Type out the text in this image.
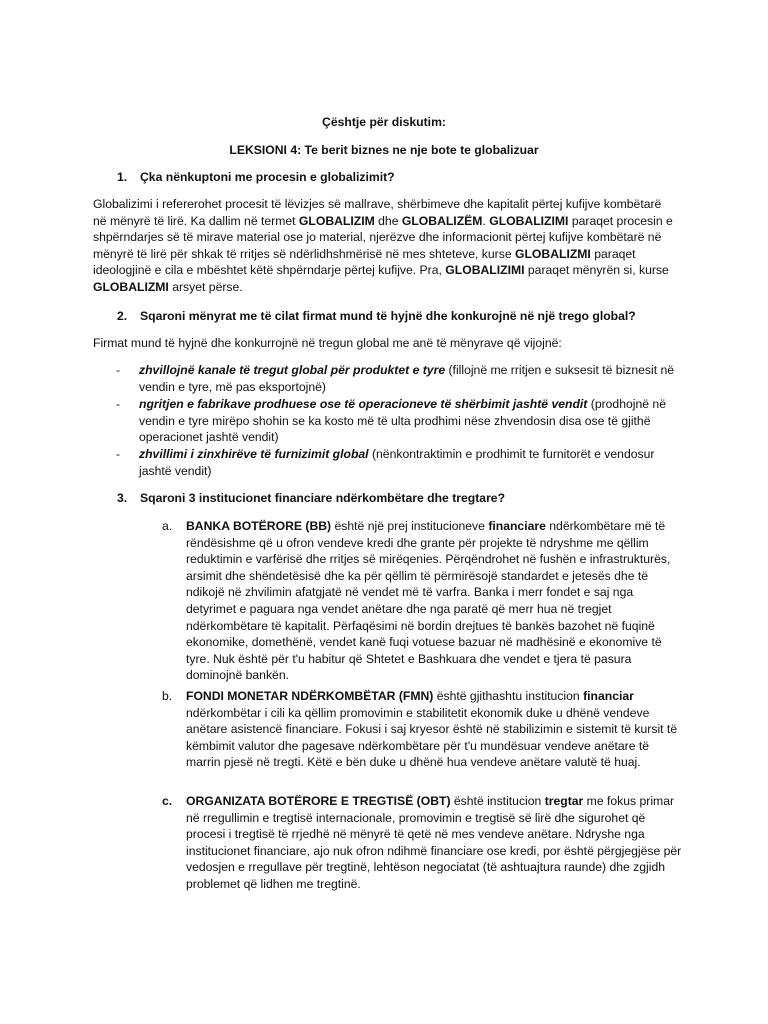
Çështje për diskutim:

LEKSIONI 4: Te berit biznes ne nje bote te globalizuar

1. Çka nënkuptoni me procesin e globalizimit?

Globalizimi i refererohet procesit të lëvizjes së mallrave, shërbimeve dhe kapitalit përtej kufijve kombëtarë në mënyrë të lirë. Ka dallim në termet GLOBALIZIM dhe GLOBALIZËM. GLOBALIZIMI paraqet procesin e shpërndarjes së të mirave material ose jo material, njerëzve dhe informacionit përtej kufijve kombëtarë në mënyrë të lirë për shkak të rritjes së ndërlidhshmërisë në mes shteteve, kurse GLOBALIZMI paraqet ideologjinë e cila e mbështet këtë shpërndarje përtej kufijve. Pra, GLOBALIZIMI paraqet mënyrën si, kurse GLOBALIZMI arsyet përse.

2. Sqaroni mënyrat me të cilat firmat mund të hyjnë dhe konkurojnë në një trego global?

Firmat mund të hyjnë dhe konkurrojnë në tregun global me anë të mënyrave që vijojnë:

- zhvillojnë kanale të tregut global për produktet e tyre (fillojnë me rritjen e suksesit të biznesit në vendin e tyre, më pas eksportojnë)
- ngritjen e fabrikave prodhuese ose të operacioneve të shërbimit jashtë vendit (prodhojnë në vendin e tyre mirëpo shohin se ka kosto më të ulta prodhimi nëse zhvendosin disa ose të gjithë operacionet jashtë vendit)
- zhvillimi i zinxhirëve të furnizimit global (nënkontraktimin e prodhimit te furnitorët e vendosur jashtë vendit)

3. Sqaroni 3 institucionet financiare ndërkombëtare dhe tregtare?

a. BANKA BOTËRORE (BB) është një prej institucioneve financiare ndërkombëtare më të rëndësishme që u ofron vendeve kredi dhe grante për projekte të ndryshme me qëllim reduktimin e varfërisë dhe rritjes së mirëqenies. Përqëndrohet në fushën e infrastrukturës, arsimit dhe shëndetësisë dhe ka për qëllim të përmirësojë standardet e jetesës dhe të ndikojë në zhvilimin afatgjatë në vendet më të varfra. Banka i merr fondet e saj nga detyrimet e paguara nga vendet anëtare dhe nga paratë që merr hua në tregjet ndërkombëtare të kapitalit. Përfaqësimi në bordin drejtues të bankës bazohet në fuqinë ekonomike, domethënë, vendet kanë fuqi votuese bazuar në madhësinë e ekonomive të tyre. Nuk është për t'u habitur që Shtetet e Bashkuara dhe vendet e tjera të pasura dominojnë bankën.
b. FONDI MONETAR NDËRKOMBËTAR (FMN) është gjithashtu institucion financiar ndërkombëtar i cili ka qëllim promovimin e stabilitetit ekonomik duke u dhënë vendeve anëtare asistencë financiare. Fokusi i saj kryesor është në stabilizimin e sistemit të kursit të këmbimit valutor dhe pagesave ndërkombëtare për t'u mundësuar vendeve anëtare të marrin pjesë në tregti. Këtë e bën duke u dhënë hua vendeve anëtare valutë të huaj.
c. ORGANIZATA BOTËRORE E TREGTISË (OBT) është institucion tregtar me fokus primar në rregullimin e tregtisë internacionale, promovimin e tregtisë së lirë dhe sigurohet që procesi i tregtisë të rrjedhë në mënyrë të qetë në mes vendeve anëtare. Ndryshe nga institucionet financiare, ajo nuk ofron ndihmë financiare ose kredi, por është përgjegjëse për vedosjen e rregullave për tregtinë, lehtëson negociatat (të ashtuajtura raunde) dhe zgjidh problemet që lidhen me tregtinë.
